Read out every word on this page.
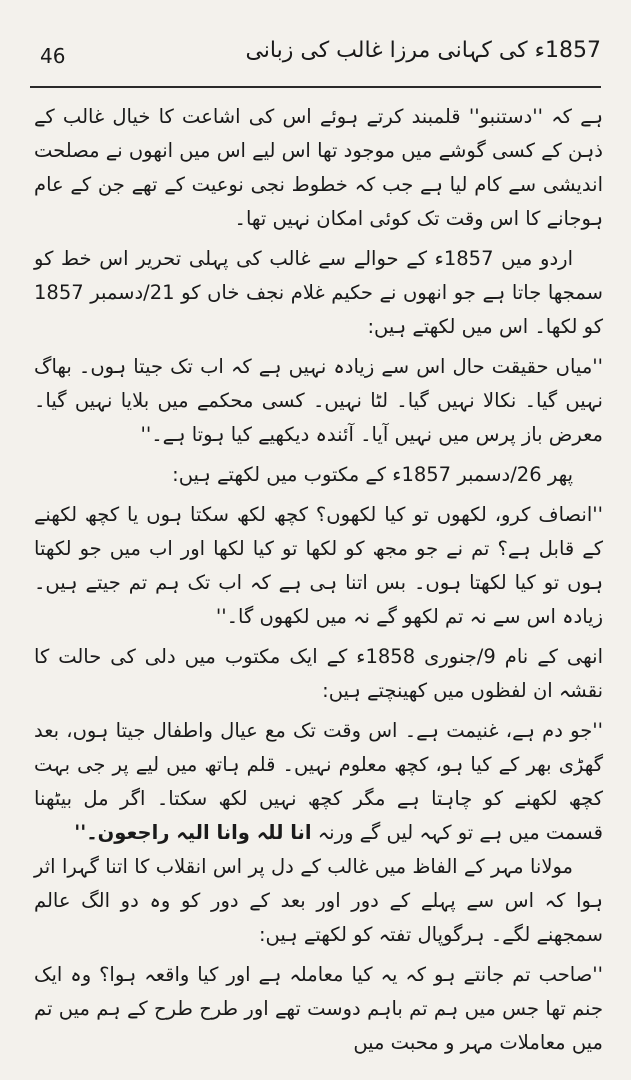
46	1857ء کی کہانی مرزا غالب کی زبانی

ہے کہ ''دستنبو'' قلمبند کرتے ہوئے اس کی اشاعت کا خیال غالب کے ذہن کے کسی گوشے میں موجود تھا اس لیے اس میں انھوں نے مصلحت اندیشی سے کام لیا ہے جب کہ خطوط نجی نوعیت کے تھے جن کے عام ہوجانے کا اس وقت تک کوئی امکان نہیں تھا۔

اردو میں 1857ء کے حوالے سے غالب کی پہلی تحریر اس خط کو سمجھا جاتا ہے جو انھوں نے حکیم غلام نجف خاں کو 21/دسمبر 1857 کو لکھا۔ اس میں لکھتے ہیں:

''میاں حقیقت حال اس سے زیادہ نہیں ہے کہ اب تک جیتا ہوں۔ بھاگ نہیں گیا۔ نکالا نہیں گیا۔ لٹا نہیں۔ کسی محکمے میں بلایا نہیں گیا۔ معرض باز پرس میں نہیں آیا۔ آئندہ دیکھیے کیا ہوتا ہے۔''

پھر 26/دسمبر 1857ء کے مکتوب میں لکھتے ہیں:

''انصاف کرو، لکھوں تو کیا لکھوں؟ کچھ لکھ سکتا ہوں یا کچھ لکھنے کے قابل ہے؟ تم نے جو مجھ کو لکھا تو کیا لکھا اور اب میں جو لکھتا ہوں تو کیا لکھتا ہوں۔ بس اتنا ہی ہے کہ اب تک ہم تم جیتے ہیں۔ زیادہ اس سے نہ تم لکھو گے نہ میں لکھوں گا۔''

انھی کے نام 9/جنوری 1858ء کے ایک مکتوب میں دلی کی حالت کا نقشہ ان لفظوں میں کھینچتے ہیں:

''جو دم ہے، غنیمت ہے۔ اس وقت تک مع عیال واطفال جیتا ہوں، بعد گھڑی بھر کے کیا ہو، کچھ معلوم نہیں۔ قلم ہاتھ میں لیے پر جی بہت کچھ لکھنے کو چاہتا ہے مگر کچھ نہیں لکھ سکتا۔ اگر مل بیٹھنا قسمت میں ہے تو کہہ لیں گے ورنہ انا للہ وانا الیہ راجعون۔''

مولانا مہر کے الفاظ میں غالب کے دل پر اس انقلاب کا اتنا گہرا اثر ہوا کہ اس سے پہلے کے دور اور بعد کے دور کو وہ دو الگ عالم سمجھنے لگے۔ ہرگوپال تفتہ کو لکھتے ہیں:

''صاحب تم جانتے ہو کہ یہ کیا معاملہ ہے اور کیا واقعہ ہوا؟ وہ ایک جنم تھا جس میں ہم تم باہم دوست تھے اور طرح طرح کے ہم میں تم میں معاملات مہر و محبت میں
